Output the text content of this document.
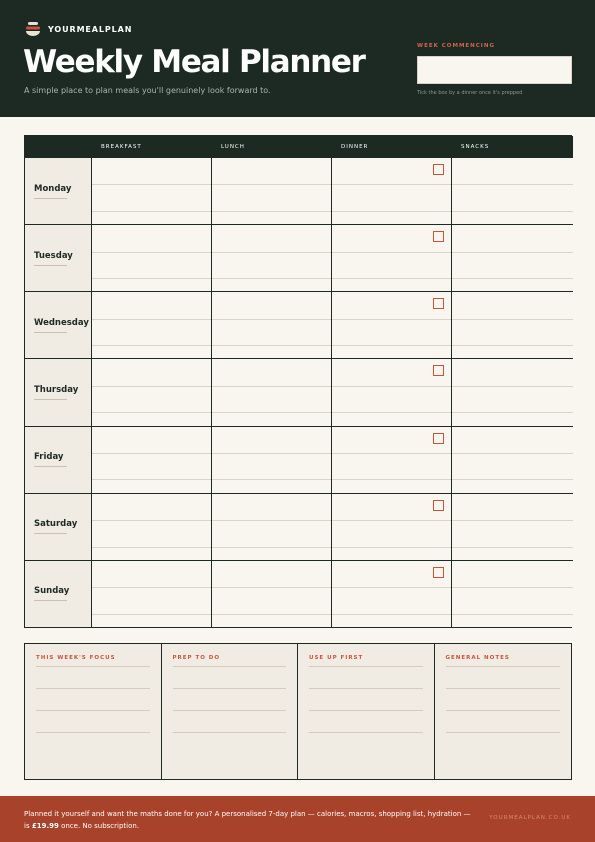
YOURMEALPLAN
Weekly Meal Planner
A simple place to plan meals you'll genuinely look forward to.
WEEK COMMENCING
Tick the box by a dinner once it's prepped
BREAKFAST	LUNCH	DINNER	SNACKS
Monday
Tuesday
Wednesday
Thursday
Friday
Saturday
Sunday
THIS WEEK'S FOCUS	PREP TO DO	USE UP FIRST	GENERAL NOTES
Planned it yourself and want the maths done for you? A personalised 7-day plan — calories, macros, shopping list, hydration — is £19.99 once. No subscription.
YOURMEALPLAN.CO.UK
